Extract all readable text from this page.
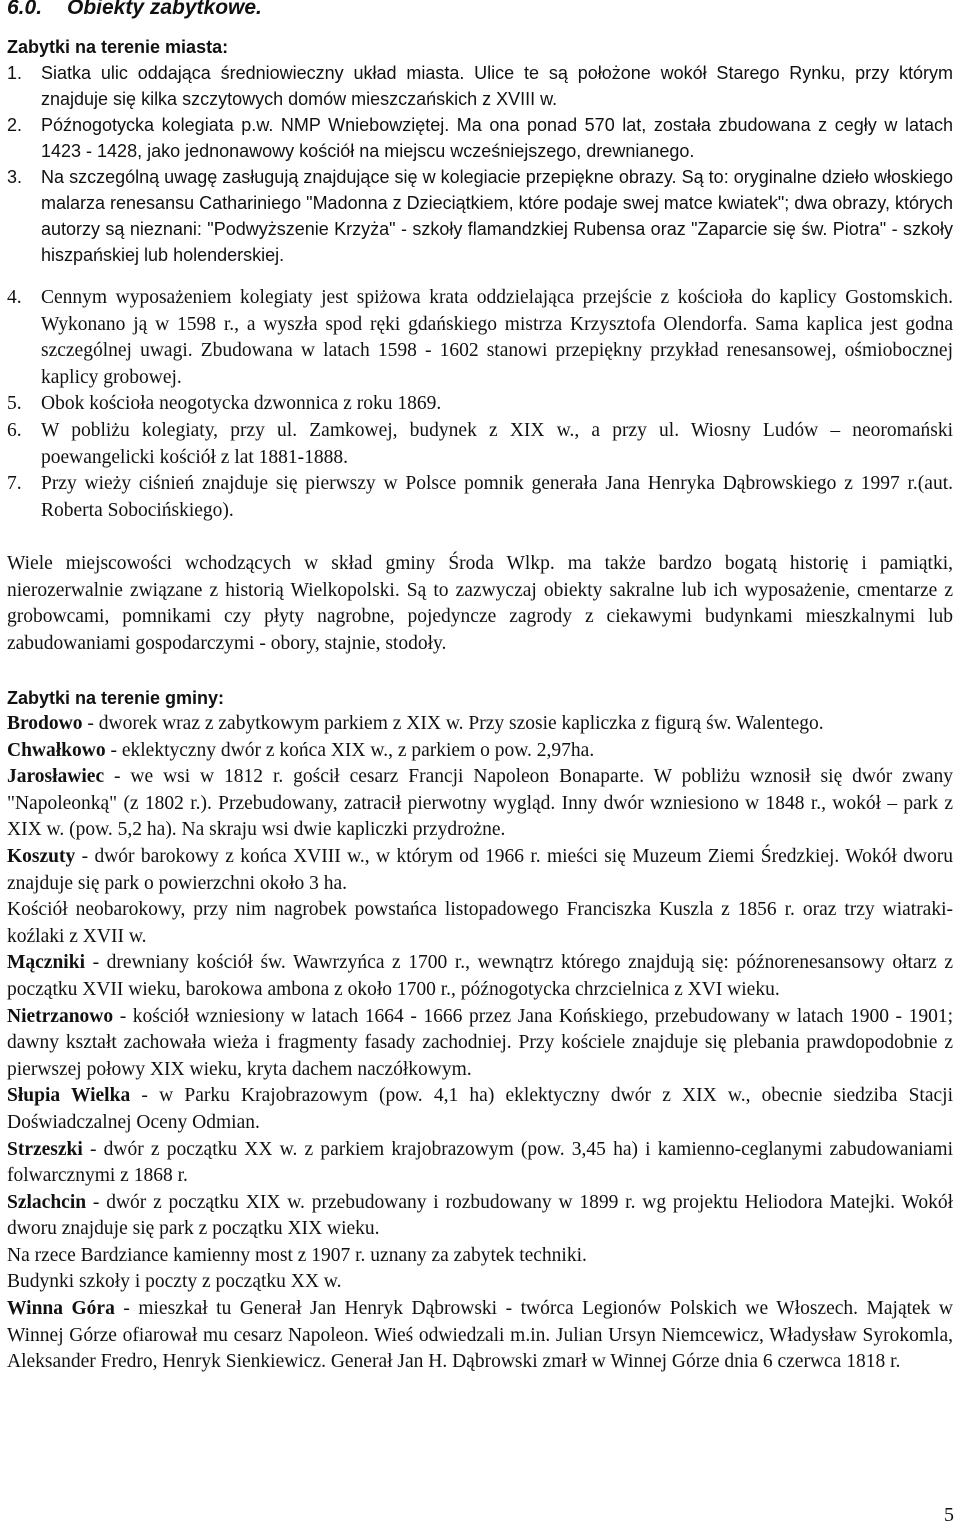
6.0. Obiekty zabytkowe.
Zabytki na terenie miasta:
1. Siatka ulic oddająca średniowieczny układ miasta. Ulice te są położone wokół Starego Rynku, przy którym znajduje się kilka szczytowych domów mieszczańskich z XVIII w.
2. Późnogotycka kolegiata p.w. NMP Wniebowziętej. Ma ona ponad 570 lat, została zbudowana z cegły w latach 1423 - 1428, jako jednonawowy kościół na miejscu wcześniejszego, drewnianego.
3. Na szczególną uwagę zasługują znajdujące się w kolegiacie przepiękne obrazy. Są to: oryginalne dzieło włoskiego malarza renesansu Cathariniego "Madonna z Dzieciątkiem, które podaje swej matce kwiatek"; dwa obrazy, których autorzy są nieznani: "Podwyższenie Krzyża" - szkoły flamandzkiej Rubensa oraz "Zaparcie się św. Piotra" - szkoły hiszpańskiej lub holenderskiej.
4. Cennym wyposażeniem kolegiaty jest spiżowa krata oddzielająca przejście z kościoła do kaplicy Gostomskich. Wykonano ją w 1598 r., a wyszła spod ręki gdańskiego mistrza Krzysztofa Olendorfa. Sama kaplica jest godna szczególnej uwagi. Zbudowana w latach 1598 - 1602 stanowi przepiękny przykład renesansowej, ośmiobocznej kaplicy grobowej.
5. Obok kościoła neogotycka dzwonnica z roku 1869.
6. W pobliżu kolegiaty, przy ul. Zamkowej, budynek z XIX w., a przy ul. Wiosny Ludów – neoromański poewangelicki kościół z lat 1881-1888.
7. Przy wieży ciśnień znajduje się pierwszy w Polsce pomnik generała Jana Henryka Dąbrowskiego z 1997 r.(aut. Roberta Sobocińskiego).

Wiele miejscowości wchodzących w skład gminy Środa Wlkp. ma także bardzo bogatą historię i pamiątki, nierozerwalnie związane z historią Wielkopolski. Są to zazwyczaj obiekty sakralne lub ich wyposażenie, cmentarze z grobowcami, pomnikami czy płyty nagrobne, pojedyncze zagrody z ciekawymi budynkami mieszkalnymi lub zabudowaniami gospodarczymi - obory, stajnie, stodoły.

Zabytki na terenie gminy:

Brodowo - dworek wraz z zabytkowym parkiem z XIX w. Przy szosie kapliczka z figurą św. Walentego.

Chwałkowo - eklektyczny dwór z końca XIX w., z parkiem o pow. 2,97ha.

Jarosławiec - we wsi w 1812 r. gościł cesarz Francji Napoleon Bonaparte. W pobliżu wznosił się dwór zwany "Napoleonką" (z 1802 r.). Przebudowany, zatracił pierwotny wygląd. Inny dwór wzniesiono w 1848 r., wokół – park z XIX w. (pow. 5,2 ha). Na skraju wsi dwie kapliczki przydrożne.

Koszuty - dwór barokowy z końca XVIII w., w którym od 1966 r. mieści się Muzeum Ziemi Średzkiej. Wokół dworu znajduje się park o powierzchni około 3 ha.

Kościół neobarokowy, przy nim nagrobek powstańca listopadowego Franciszka Kuszla z 1856 r. oraz trzy wiatraki-koźlaki z XVII w.

Mączniki - drewniany kościół św. Wawrzyńca z 1700 r., wewnątrz którego znajdują się: późnorenesansowy ołtarz z początku XVII wieku, barokowa ambona z około 1700 r., późnogotycka chrzcielnica z XVI wieku.

Nietrzanowo - kościół wzniesiony w latach 1664 - 1666 przez Jana Końskiego, przebudowany w latach 1900 - 1901; dawny kształt zachowała wieża i fragmenty fasady zachodniej. Przy kościele znajduje się plebania prawdopodobnie z pierwszej połowy XIX wieku, kryta dachem naczółkowym.

Słupia Wielka - w Parku Krajobrazowym (pow. 4,1 ha) eklektyczny dwór z XIX w., obecnie siedziba Stacji Doświadczalnej Oceny Odmian.

Strzeszki - dwór z początku XX w. z parkiem krajobrazowym (pow. 3,45 ha) i kamienno-ceglanymi zabudowaniami folwarcznymi z 1868 r.

Szlachcin - dwór z początku XIX w. przebudowany i rozbudowany w 1899 r. wg projektu Heliodora Matejki. Wokół dworu znajduje się park z początku XIX wieku.

Na rzece Bardziance kamienny most z 1907 r. uznany za zabytek techniki.

Budynki szkoły i poczty z początku XX w.

Winna Góra - mieszkał tu Generał Jan Henryk Dąbrowski - twórca Legionów Polskich we Włoszech. Majątek w Winnej Górze ofiarował mu cesarz Napoleon. Wieś odwiedzali m.in. Julian Ursyn Niemcewicz, Władysław Syrokomla, Aleksander Fredro, Henryk Sienkiewicz. Generał Jan H. Dąbrowski zmarł w Winnej Górze dnia 6 czerwca 1818 r.

5
